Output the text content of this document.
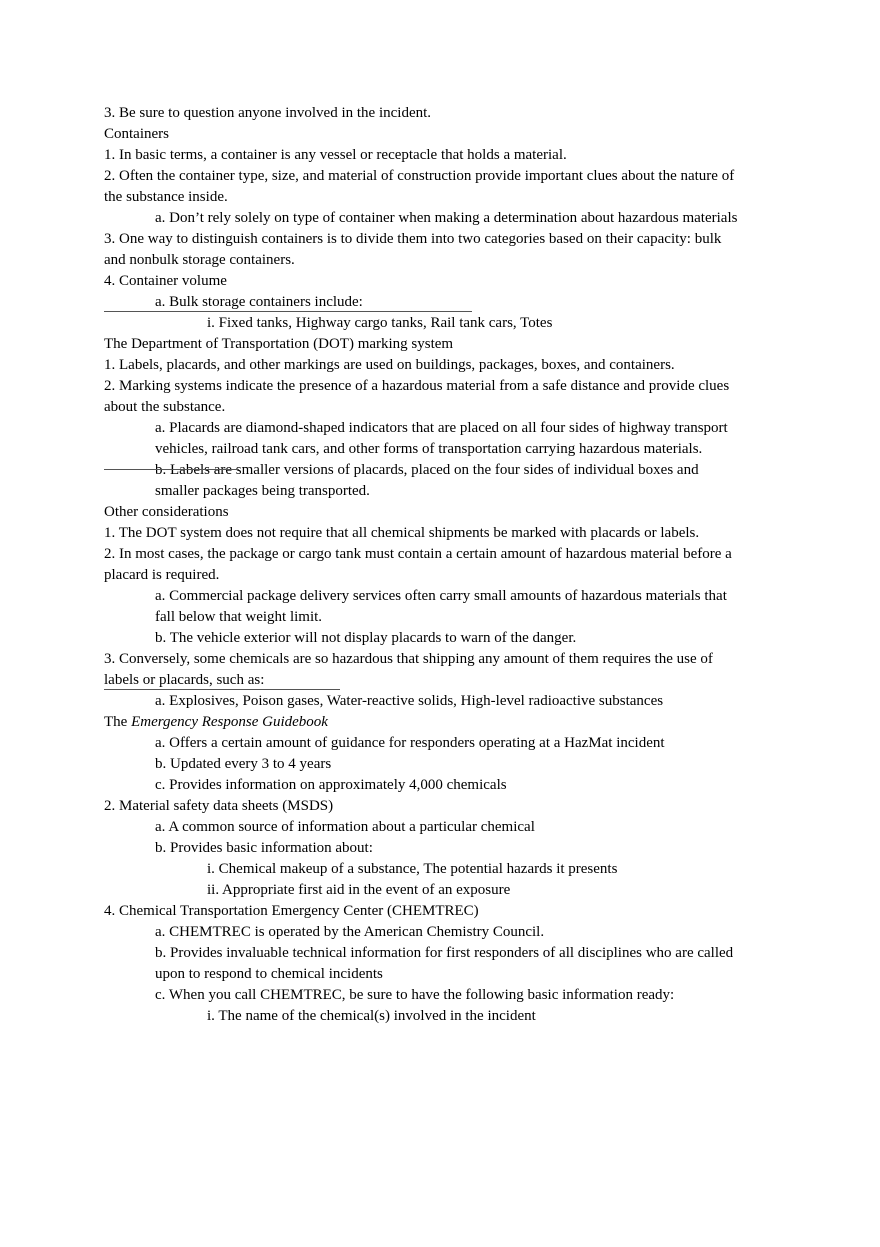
3. Be sure to question anyone involved in the incident.
Containers
1. In basic terms, a container is any vessel or receptacle that holds a material.
2. Often the container type, size, and material of construction provide important clues about the nature of
the substance inside.
a. Don’t rely solely on type of container when making a determination about hazardous materials
3. One way to distinguish containers is to divide them into two categories based on their capacity: bulk
and nonbulk storage containers.
4. Container volume
a. Bulk storage containers include:
i. Fixed tanks, Highway cargo tanks, Rail tank cars, Totes
The Department of Transportation (DOT) marking system
1. Labels, placards, and other markings are used on buildings, packages, boxes, and containers.
2. Marking systems indicate the presence of a hazardous material from a safe distance and provide clues
about the substance.
a. Placards are diamond-shaped indicators that are placed on all four sides of highway transport
vehicles, railroad tank cars, and other forms of transportation carrying hazardous materials.
b. Labels are smaller versions of placards, placed on the four sides of individual boxes and
smaller packages being transported.
Other considerations
1. The DOT system does not require that all chemical shipments be marked with placards or labels.
2. In most cases, the package or cargo tank must contain a certain amount of hazardous material before a
placard is required.
a. Commercial package delivery services often carry small amounts of hazardous materials that
fall below that weight limit.
b. The vehicle exterior will not display placards to warn of the danger.
3. Conversely, some chemicals are so hazardous that shipping any amount of them requires the use of
labels or placards, such as:
a. Explosives, Poison gases, Water-reactive solids, High-level radioactive substances
The Emergency Response Guidebook
a. Offers a certain amount of guidance for responders operating at a HazMat incident
b. Updated every 3 to 4 years
c. Provides information on approximately 4,000 chemicals
2. Material safety data sheets (MSDS)
a. A common source of information about a particular chemical
b. Provides basic information about:
i. Chemical makeup of a substance, The potential hazards it presents
ii. Appropriate first aid in the event of an exposure
4. Chemical Transportation Emergency Center (CHEMTREC)
a. CHEMTREC is operated by the American Chemistry Council.
b. Provides invaluable technical information for first responders of all disciplines who are called
upon to respond to chemical incidents
c. When you call CHEMTREC, be sure to have the following basic information ready:
i. The name of the chemical(s) involved in the incident
